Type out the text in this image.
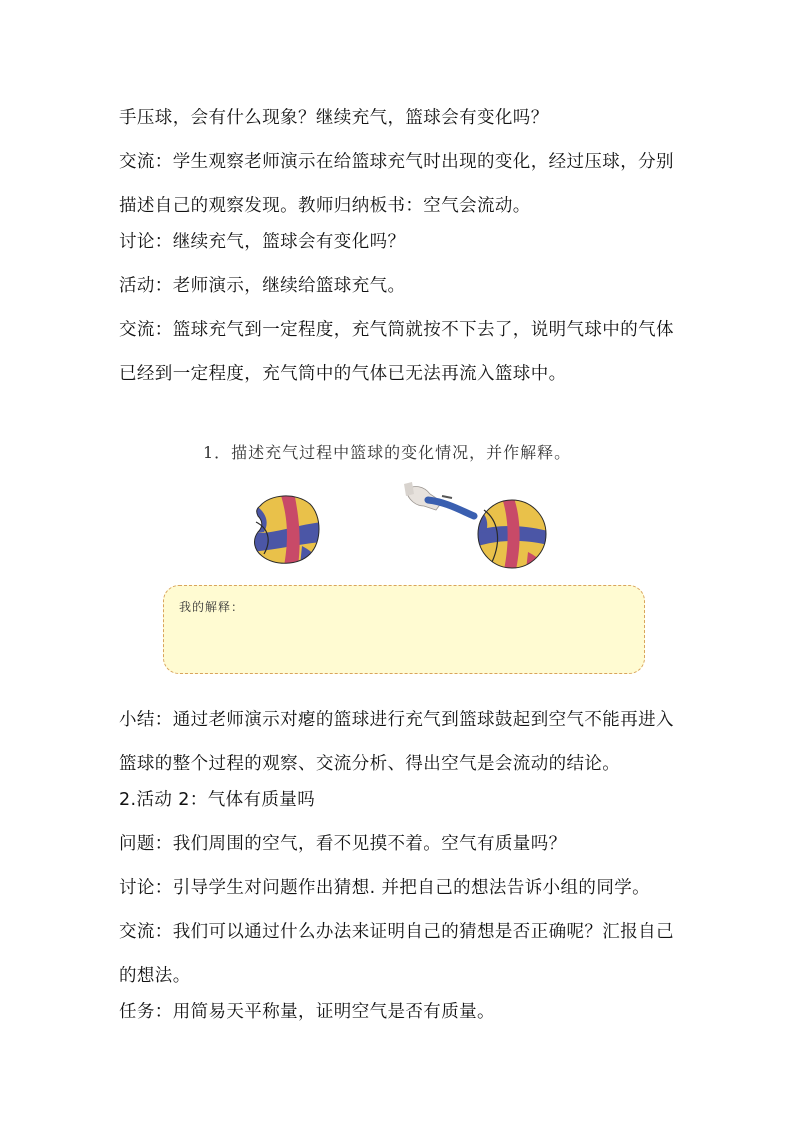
手压球，会有什么现象？继续充气，篮球会有变化吗？

交流：学生观察老师演示在给篮球充气时出现的变化，经过压球，分别描述自己的观察发现。教师归纳板书：空气会流动。

讨论：继续充气，篮球会有变化吗？

活动：老师演示，继续给篮球充气。

交流：篮球充气到一定程度，充气筒就按不下去了，说明气球中的气体已经到一定程度，充气筒中的气体已无法再流入篮球中。

1．描述充气过程中篮球的变化情况，并作解释。
我的解释：

小结：通过老师演示对瘪的篮球进行充气到篮球鼓起到空气不能再进入篮球的整个过程的观察、交流分析、得出空气是会流动的结论。

2.活动 2：气体有质量吗

问题：我们周围的空气，看不见摸不着。空气有质量吗？

讨论：引导学生对问题作出猜想. 并把自己的想法告诉小组的同学。

交流：我们可以通过什么办法来证明自己的猜想是否正确呢？汇报自己的想法。

任务：用简易天平称量，证明空气是否有质量。
